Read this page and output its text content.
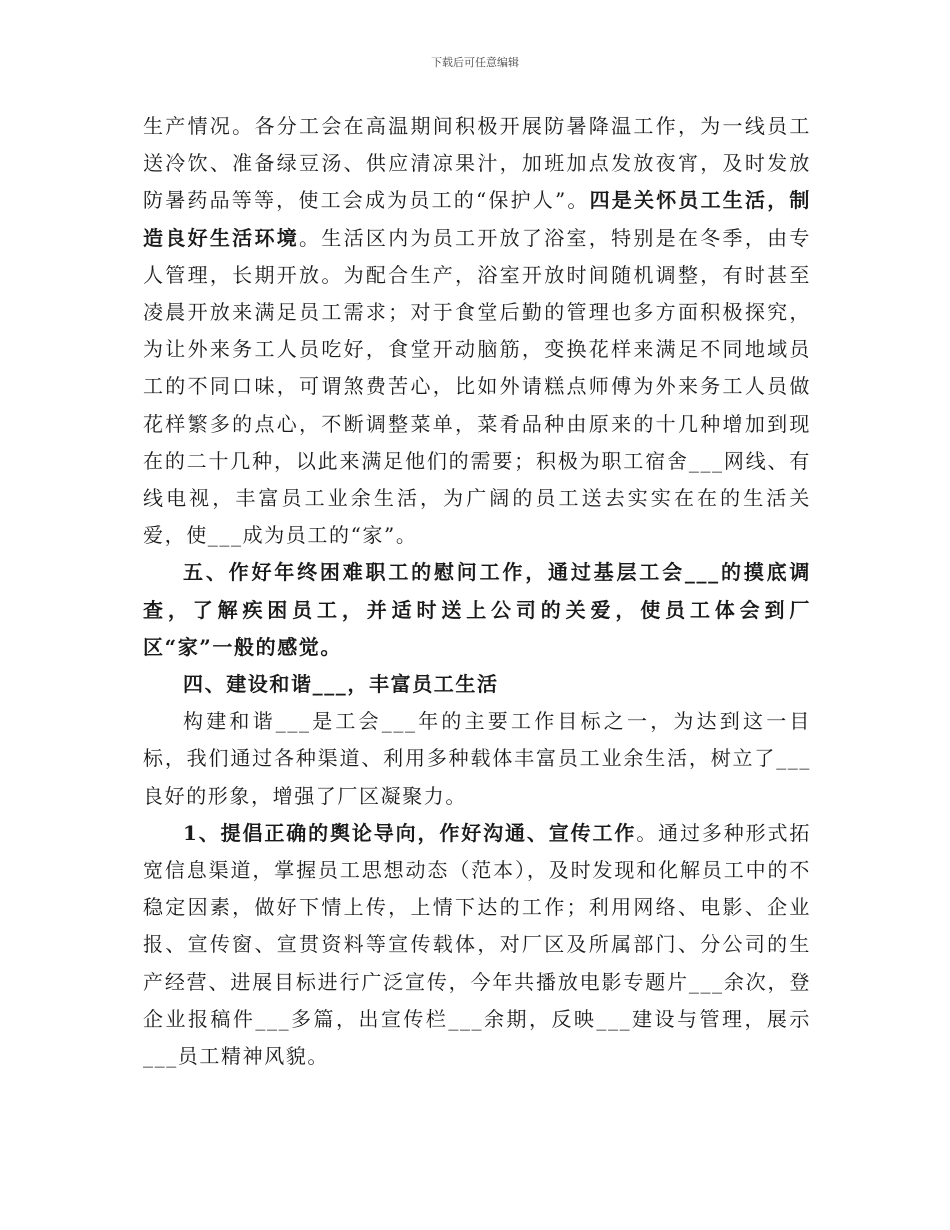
下载后可任意编辑

生产情况。各分工会在高温期间积极开展防暑降温工作，为一线员工送冷饮、准备绿豆汤、供应清凉果汁，加班加点发放夜宵，及时发放防暑药品等等，使工会成为员工的“保护人”。四是关怀员工生活，制造良好生活环境。生活区内为员工开放了浴室，特别是在冬季，由专人管理，长期开放。为配合生产，浴室开放时间随机调整，有时甚至凌晨开放来满足员工需求；对于食堂后勤的管理也多方面积极探究，为让外来务工人员吃好，食堂开动脑筋，变换花样来满足不同地域员工的不同口味，可谓煞费苦心，比如外请糕点师傅为外来务工人员做花样繁多的点心，不断调整菜单，菜肴品种由原来的十几种增加到现在的二十几种，以此来满足他们的需要；积极为职工宿舍___网线、有线电视，丰富员工业余生活，为广阔的员工送去实实在在的生活关爱，使___成为员工的“家”。

五、作好年终困难职工的慰问工作，通过基层工会___的摸底调查，了解疾困员工，并适时送上公司的关爱，使员工体会到厂区“家”一般的感觉。

四、建设和谐___，丰富员工生活

构建和谐___是工会___年的主要工作目标之一，为达到这一目标，我们通过各种渠道、利用多种载体丰富员工业余生活，树立了___良好的形象，增强了厂区凝聚力。

1、提倡正确的舆论导向，作好沟通、宣传工作。通过多种形式拓宽信息渠道，掌握员工思想动态（范本），及时发现和化解员工中的不稳定因素，做好下情上传，上情下达的工作；利用网络、电影、企业报、宣传窗、宣贯资料等宣传载体，对厂区及所属部门、分公司的生产经营、进展目标进行广泛宣传，今年共播放电影专题片___余次，登企业报稿件___多篇，出宣传栏___余期，反映___建设与管理，展示___员工精神风貌。
